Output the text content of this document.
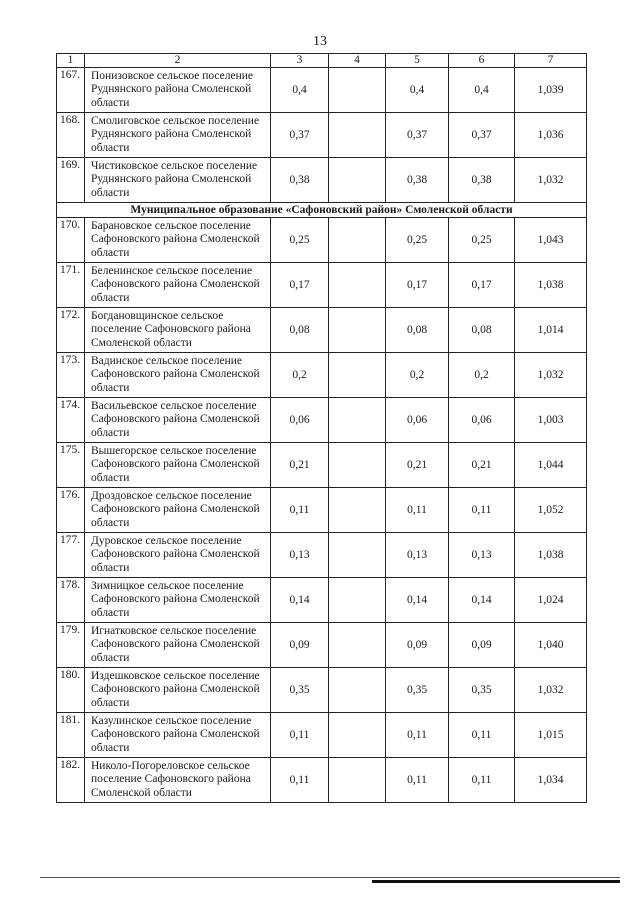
13
1	2	3	4	5	6	7
167.	Понизовское сельское поселение Руднянского района Смоленской области	0,4		0,4	0,4	1,039
168.	Смолиговское сельское поселение Руднянского района Смоленской области	0,37		0,37	0,37	1,036
169.	Чистиковское сельское поселение Руднянского района Смоленской области	0,38		0,38	0,38	1,032
Муниципальное образование «Сафоновский район» Смоленской области						
170.	Барановское сельское поселение Сафоновского района Смоленской области	0,25		0,25	0,25	1,043
171.	Беленинское сельское поселение Сафоновского района Смоленской области	0,17		0,17	0,17	1,038
172.	Богдановщинское сельское поселение Сафоновского района Смоленской области	0,08		0,08	0,08	1,014
173.	Вадинское сельское поселение Сафоновского района Смоленской области	0,2		0,2	0,2	1,032
174.	Васильевское сельское поселение Сафоновского района Смоленской области	0,06		0,06	0,06	1,003
175.	Вышегорское сельское поселение Сафоновского района Смоленской области	0,21		0,21	0,21	1,044
176.	Дроздовское сельское поселение Сафоновского района Смоленской области	0,11		0,11	0,11	1,052
177.	Дуровское сельское поселение Сафоновского района Смоленской области	0,13		0,13	0,13	1,038
178.	Зимницкое сельское поселение Сафоновского района Смоленской области	0,14		0,14	0,14	1,024
179.	Игнатковское сельское поселение Сафоновского района Смоленской области	0,09		0,09	0,09	1,040
180.	Издешковское сельское поселение Сафоновского района Смоленской области	0,35		0,35	0,35	1,032
181.	Казулинское сельское поселение Сафоновского района Смоленской области	0,11		0,11	0,11	1,015
182.	Николо-Погореловское сельское поселение Сафоновского района Смоленской области	0,11		0,11	0,11	1,034
